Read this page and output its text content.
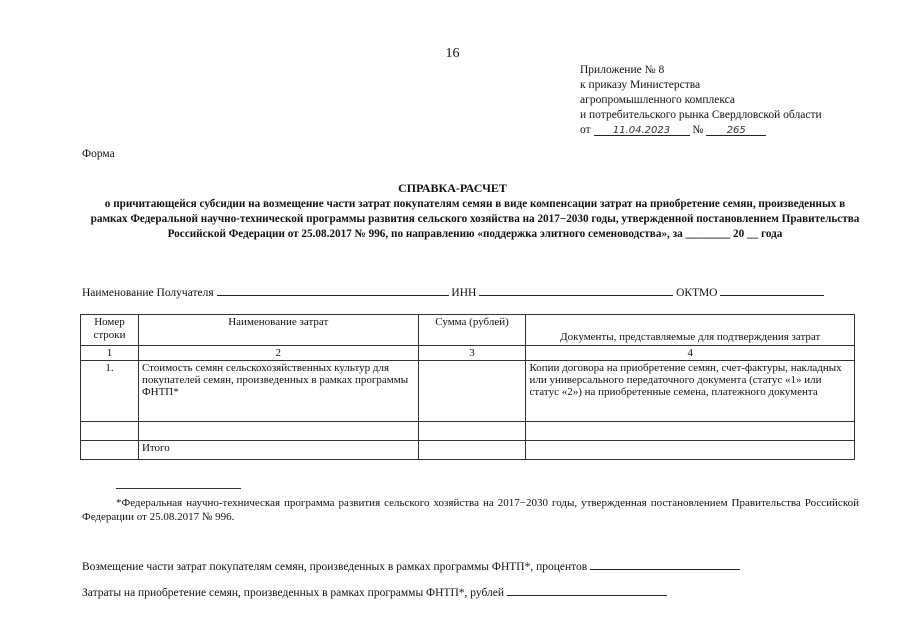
16
Приложение № 8
к приказу Министерства
агропромышленного комплекса
и потребительского рынка Свердловской области
от 11.04.2023 № 265
Форма
СПРАВКА-РАСЧЕТ
о причитающейся субсидии на возмещение части затрат покупателям семян в виде компенсации затрат на приобретение семян, произведенных в рамках Федеральной научно-технической программы развития сельского хозяйства на 2017−2030 годы, утвержденной постановлением Правительства Российской Федерации от 25.08.2017 № 996, по направлению «поддержка элитного семеноводства», за ________ 20 __ года
Наименование Получателя	ИНН	ОКТМО
Номер строки	Наименование затрат	Сумма (рублей)	Документы, представляемые для подтверждения затрат
1	2	3	4
1.	Стоимость семян сельскохозяйственных культур для покупателей семян, произведенных в рамках программы ФНТП*		Копии договора на приобретение семян, счет-фактуры, накладных или универсального передаточного документа (статус «1» или статус «2») на приобретенные семена, платежного документа

	Итого		
*Федеральная научно-техническая программа развития сельского хозяйства на 2017−2030 годы, утвержденная постановлением Правительства Российской Федерации от 25.08.2017 № 996.
Возмещение части затрат покупателям семян, произведенных в рамках программы ФНТП*, процентов
Затраты на приобретение семян, произведенных в рамках программы ФНТП*, рублей
